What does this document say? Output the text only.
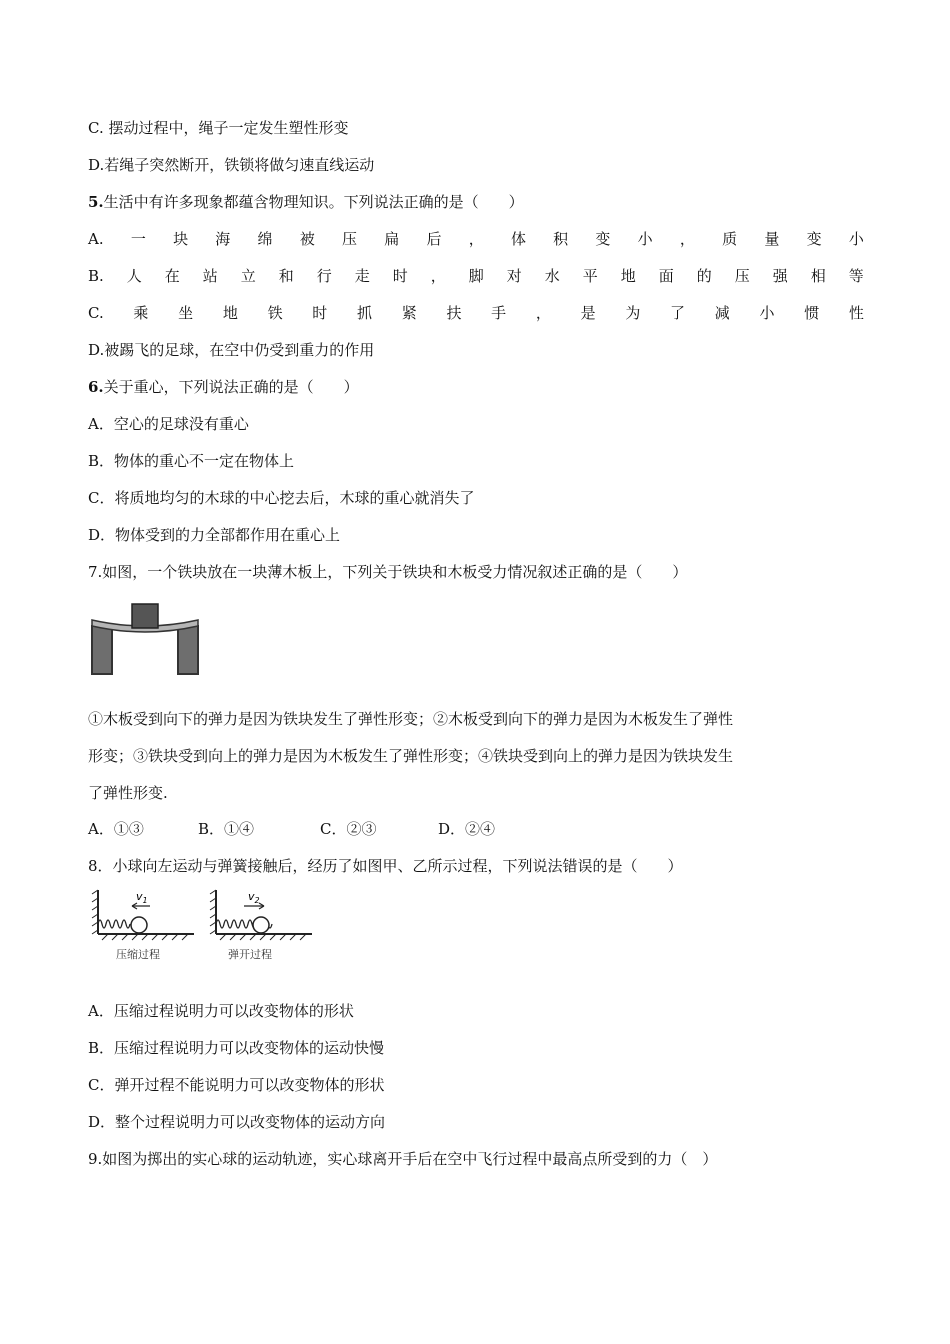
C. 摆动过程中，绳子一定发生塑性形变
D.若绳子突然断开，铁锁将做匀速直线运动
5.生活中有许多现象都蕴含物理知识。下列说法正确的是（　　）
A. 一 块 海 绵 被 压 扁 后 ， 体 积 变 小 ， 质 量 变 小
B. 人 在 站 立 和 行 走 时 ， 脚 对 水 平 地 面 的 压 强 相 等
C. 乘 坐 地 铁 时 抓 紧 扶 手 ， 是 为 了 减 小 惯 性
D.被踢飞的足球，在空中仍受到重力的作用
6.关于重心，下列说法正确的是（　　）
A．空心的足球没有重心
B．物体的重心不一定在物体上
C．将质地均匀的木球的中心挖去后，木球的重心就消失了
D．物体受到的力全部都作用在重心上
7.如图，一个铁块放在一块薄木板上，下列关于铁块和木板受力情况叙述正确的是（　　）
①木板受到向下的弹力是因为铁块发生了弹性形变；②木板受到向下的弹力是因为木板发生了弹性
形变；③铁块受到向上的弹力是因为木板发生了弹性形变；④铁块受到向上的弹力是因为铁块发生
了弹性形变.
A．①③	B．①④	C．②③	D．②④
8．小球向左运动与弹簧接触后，经历了如图甲、乙所示过程，下列说法错误的是（　　）
$v_1$
压缩过程
$v_2$
弹开过程
A．压缩过程说明力可以改变物体的形状
B．压缩过程说明力可以改变物体的运动快慢
C．弹开过程不能说明力可以改变物体的形状
D．整个过程说明力可以改变物体的运动方向
9.如图为掷出的实心球的运动轨迹，实心球离开手后在空中飞行过程中最高点所受到的力（　）
